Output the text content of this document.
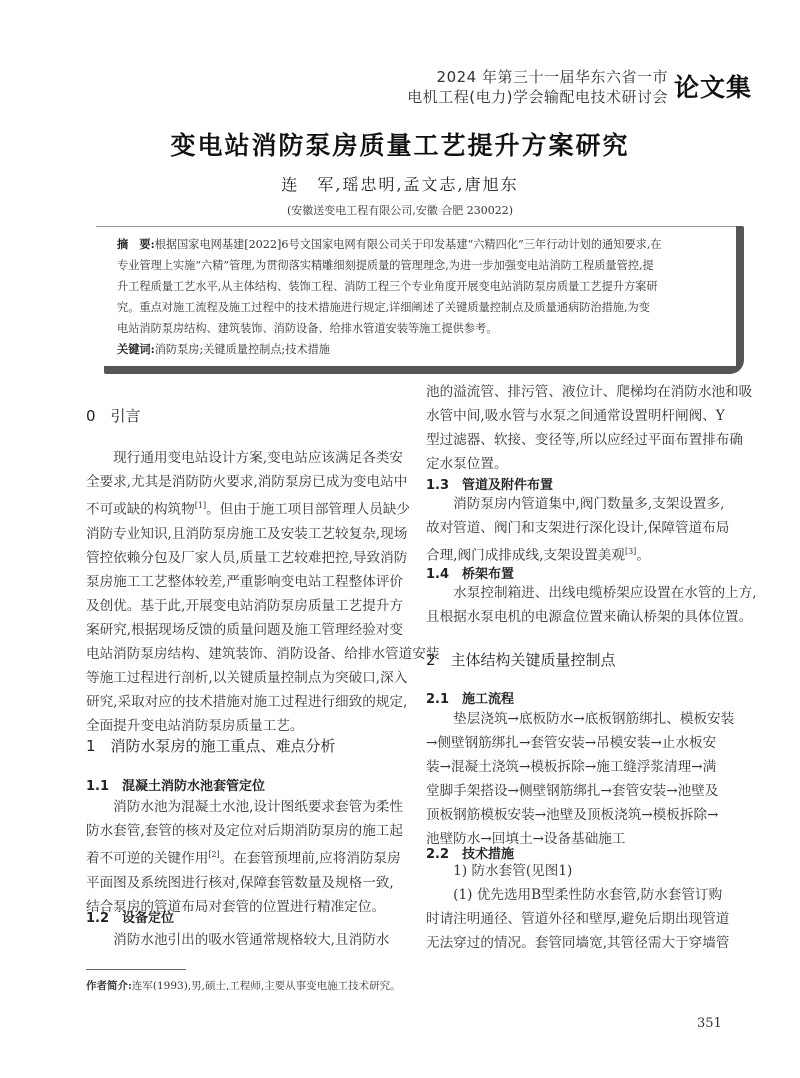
2024 年第三十一届华东六省一市
电机工程(电力)学会输配电技术研讨会 论文集
变电站消防泵房质量工艺提升方案研究
连　军,瑶忠明,孟文志,唐旭东
(安徽送变电工程有限公司,安徽 合肥 230022)
摘　要:根据国家电网基建[2022]6号文国家电网有限公司关于印发基建“六精四化”三年行动计划的通知要求,在
专业管理上实施“六精”管理,为贯彻落实精雕细刻提质量的管理理念,为进一步加强变电站消防工程质量管控,提
升工程质量工艺水平,从主体结构、装饰工程、消防工程三个专业角度开展变电站消防泵房质量工艺提升方案研
究。重点对施工流程及施工过程中的技术措施进行规定,详细阐述了关键质量控制点及质量通病防治措施,为变
电站消防泵房结构、建筑装饰、消防设备、给排水管道安装等施工提供参考。
关键词:消防泵房;关键质量控制点;技术措施
0　引言
　　现行通用变电站设计方案,变电站应该满足各类安
全要求,尤其是消防防火要求,消防泵房已成为变电站中
不可或缺的构筑物[1]。但由于施工项目部管理人员缺少
消防专业知识,且消防泵房施工及安装工艺较复杂,现场
管控依赖分包及厂家人员,质量工艺较难把控,导致消防
泵房施工工艺整体较差,严重影响变电站工程整体评价
及创优。基于此,开展变电站消防泵房质量工艺提升方
案研究,根据现场反馈的质量问题及施工管理经验对变
电站消防泵房结构、建筑装饰、消防设备、给排水管道安装
等施工过程进行剖析,以关键质量控制点为突破口,深入
研究,采取对应的技术措施对施工过程进行细致的规定,
全面提升变电站消防泵房质量工艺。
1　消防水泵房的施工重点、难点分析
1.1　混凝土消防水池套管定位
　　消防水池为混凝土水池,设计图纸要求套管为柔性
防水套管,套管的核对及定位对后期消防泵房的施工起
着不可逆的关键作用[2]。在套管预埋前,应将消防泵房
平面图及系统图进行核对,保障套管数量及规格一致,
结合泵房的管道布局对套管的位置进行精准定位。
1.2　设备定位
　　消防水池引出的吸水管通常规格较大,且消防水
池的溢流管、排污管、液位计、爬梯均在消防水池和吸
水管中间,吸水管与水泵之间通常设置明杆闸阀、Y
型过滤器、软接、变径等,所以应经过平面布置排布确
定水泵位置。
1.3　管道及附件布置
　　消防泵房内管道集中,阀门数量多,支架设置多,
故对管道、阀门和支架进行深化设计,保障管道布局
合理,阀门成排成线,支架设置美观[3]。
1.4　桥架布置
　　水泵控制箱进、出线电缆桥架应设置在水管的上方,
且根据水泵电机的电源盒位置来确认桥架的具体位置。
2　主体结构关键质量控制点
2.1　施工流程
　　垫层浇筑→底板防水→底板钢筋绑扎、模板安装
→侧壁钢筋绑扎→套管安装→吊模安装→止水板安
装→混凝土浇筑→模板拆除→施工缝浮浆清理→满
堂脚手架搭设→侧壁钢筋绑扎→套管安装→池壁及
顶板钢筋模板安装→池壁及顶板浇筑→模板拆除→
池壁防水→回填土→设备基础施工
2.2　技术措施
　　1) 防水套管(见图1)
　　(1) 优先选用B型柔性防水套管,防水套管订购
时请注明通径、管道外径和壁厚,避免后期出现管道
无法穿过的情况。套管同墙宽,其管径需大于穿墙管
作者简介:连军(1993),男,硕士,工程师,主要从事变电施工技术研究。
351
